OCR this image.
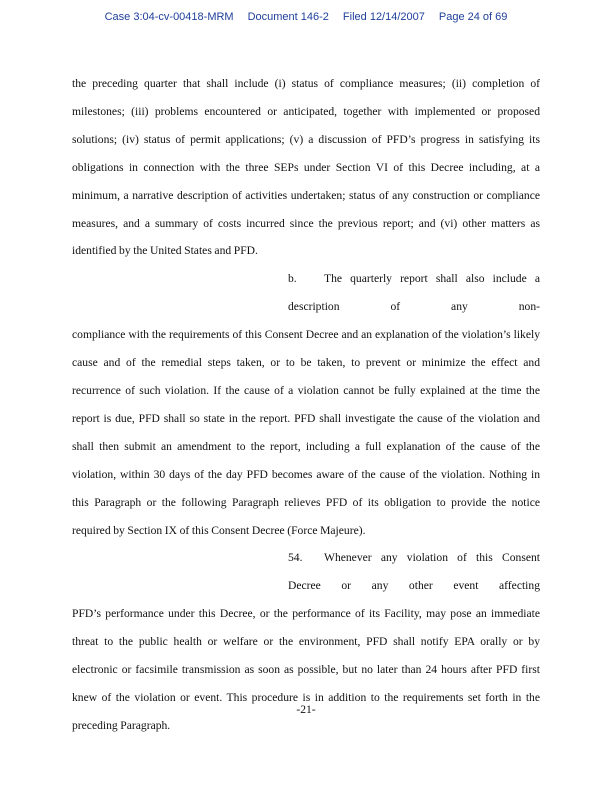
Case 3:04-cv-00418-MRM Document 146-2 Filed 12/14/2007 Page 24 of 69
the preceding quarter that shall include (i) status of compliance measures; (ii) completion of
milestones; (iii) problems encountered or anticipated, together with implemented or proposed
solutions; (iv) status of permit applications; (v) a discussion of PFD’s progress in satisfying its
obligations in connection with the three SEPs under Section VI of this Decree including, at a
minimum, a narrative description of activities undertaken; status of any construction or compliance
measures, and a summary of costs incurred since the previous report; and (vi) other matters as
identified by the United States and PFD.
b. The quarterly report shall also include a description of any non-
compliance with the requirements of this Consent Decree and an explanation of the violation’s likely
cause and of the remedial steps taken, or to be taken, to prevent or minimize the effect and
recurrence of such violation. If the cause of a violation cannot be fully explained at the time the
report is due, PFD shall so state in the report. PFD shall investigate the cause of the violation and
shall then submit an amendment to the report, including a full explanation of the cause of the
violation, within 30 days of the day PFD becomes aware of the cause of the violation. Nothing in
this Paragraph or the following Paragraph relieves PFD of its obligation to provide the notice
required by Section IX of this Consent Decree (Force Majeure).
54. Whenever any violation of this Consent Decree or any other event affecting
PFD’s performance under this Decree, or the performance of its Facility, may pose an immediate
threat to the public health or welfare or the environment, PFD shall notify EPA orally or by
electronic or facsimile transmission as soon as possible, but no later than 24 hours after PFD first
knew of the violation or event. This procedure is in addition to the requirements set forth in the
preceding Paragraph.
-21-
